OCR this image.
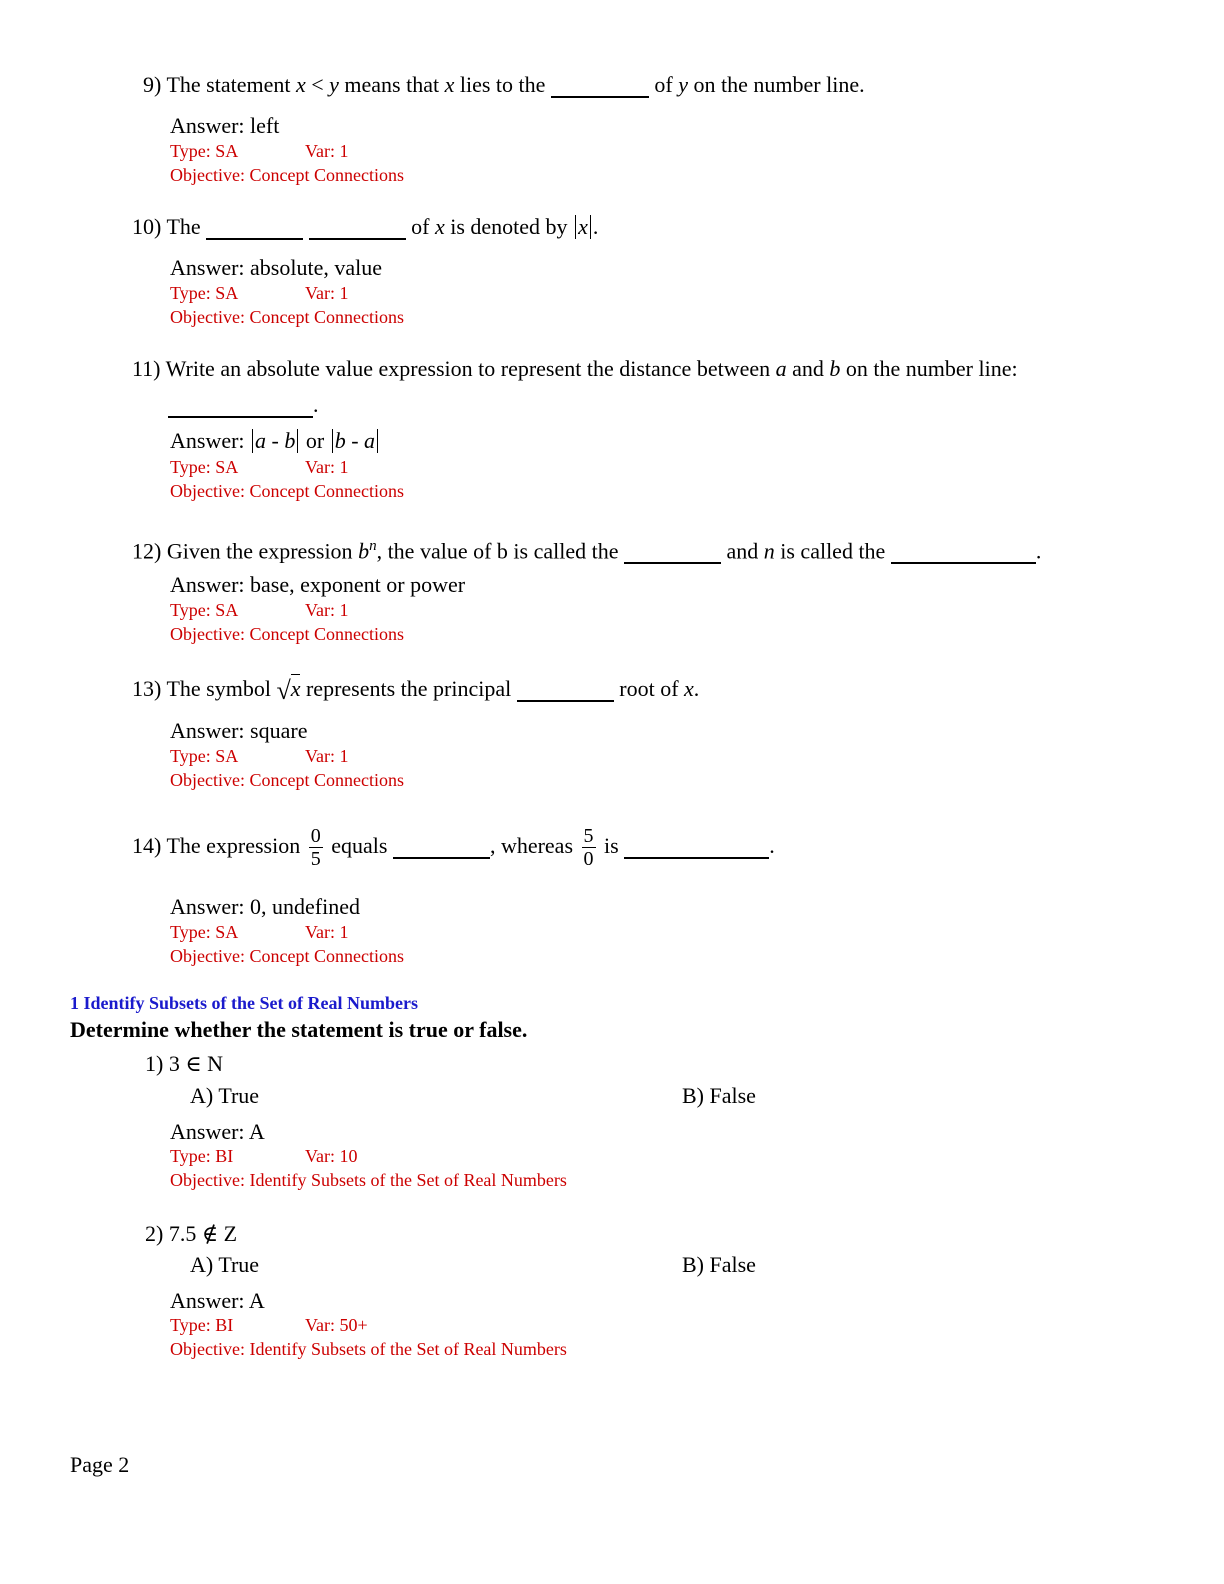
9) The statement x < y means that x lies to the	of y on the number line.
Answer: left
Type: SA	Var: 1
Objective: Concept Connections
10) The	of x is denoted by x .
Answer: absolute, value
Type: SA	Var: 1
Objective: Concept Connections
11) Write an absolute value expression to represent the distance between a and b on the number line:
.
Answer: a - b or b - a
Type: SA	Var: 1
Objective: Concept Connections
12) Given the expression $b^n$, the value of b is called the	and n is called the	.
Answer: base, exponent or power
Type: SA	Var: 1
Objective: Concept Connections
13) The symbol √x represents the principal	root of x.
Answer: square
Type: SA	Var: 1
Objective: Concept Connections
14) The expression $\frac{0}{5}$ equals	, whereas $\frac{5}{0}$ is	.
Answer: 0, undefined
Type: SA	Var: 1
Objective: Concept Connections
1 Identify Subsets of the Set of Real Numbers
Determine whether the statement is true or false.
1) 3 ∈ N
A) True	B) False
Answer: A
Type: BI	Var: 10
Objective: Identify Subsets of the Set of Real Numbers
2) 7.5 ∉ Z
A) True	B) False
Answer: A
Type: BI	Var: 50+
Objective: Identify Subsets of the Set of Real Numbers
Page 2
